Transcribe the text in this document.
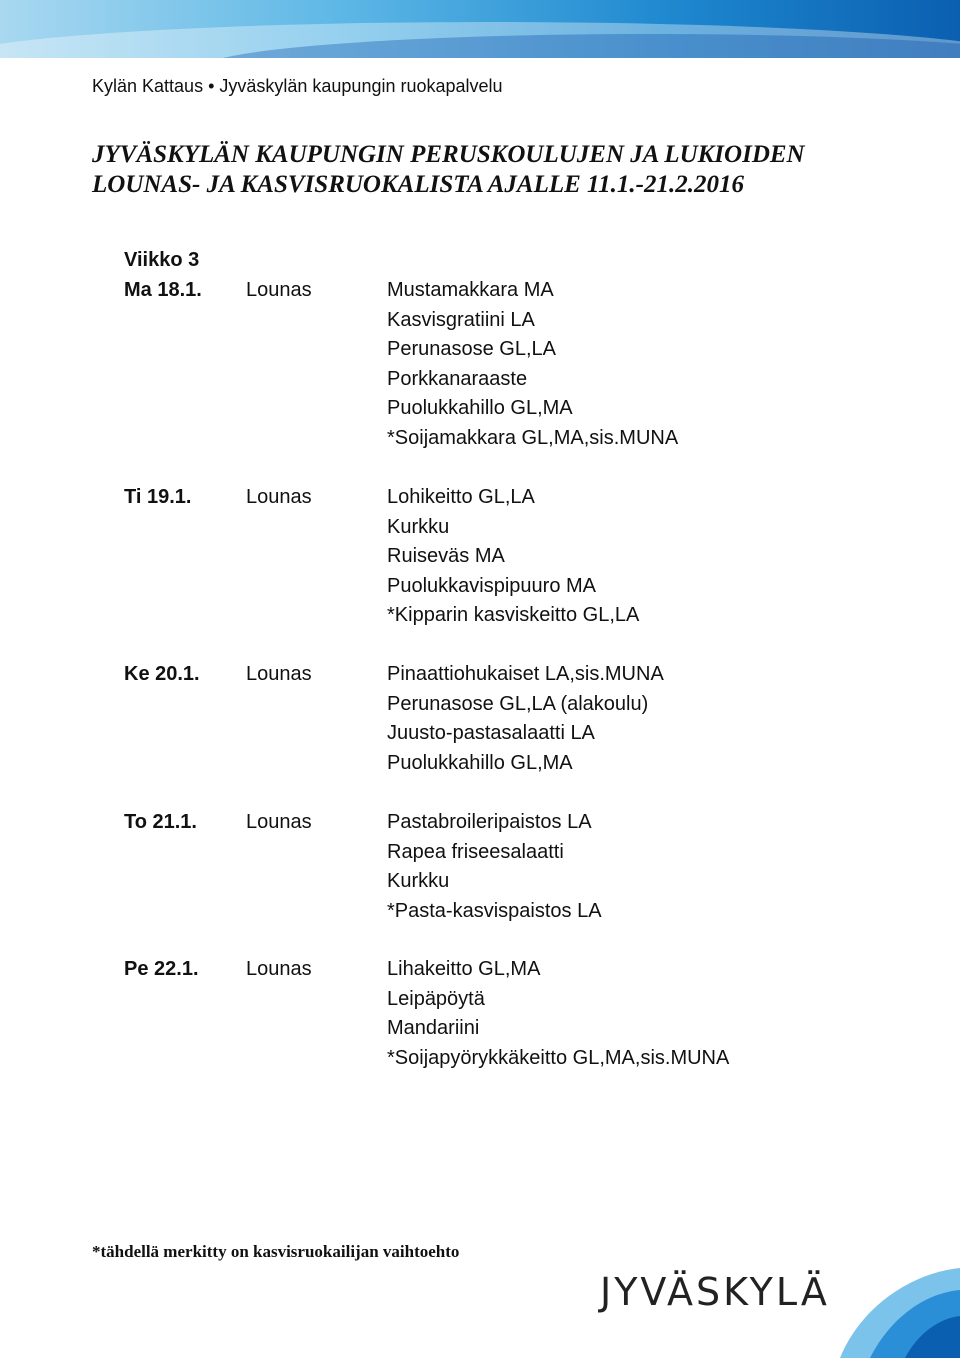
Kylän Kattaus • Jyväskylän kaupungin ruokapalvelu
JYVÄSKYLÄN KAUPUNGIN PERUSKOULUJEN JA LUKIOIDEN
LOUNAS- JA KASVISRUOKALISTA AJALLE 11.1.-21.2.2016
Viikko 3
Ma 18.1. Lounas	Mustamakkara MA
Kasvisgratiini LA
Perunasose GL,LA
Porkkanaraaste
Puolukkahillo GL,MA
*Soijamakkara GL,MA,sis.MUNA
Ti 19.1.	Lounas	Lohikeitto GL,LA
Kurkku
Ruiseväs MA
Puolukkavispipuuro MA
*Kipparin kasviskeitto GL,LA
Ke 20.1. Lounas	Pinaattiohukaiset LA,sis.MUNA
Perunasose GL,LA (alakoulu)
Juusto-pastasalaatti LA
Puolukkahillo GL,MA
To 21.1. Lounas	Pastabroileripaistos LA
Rapea friseesalaatti
Kurkku
*Pasta-kasvispaistos LA
Pe 22.1. Lounas	Lihakeitto GL,MA
Leipäpöytä
Mandariini
*Soijapyörykkäkeitto GL,MA,sis.MUNA
*tähdellä merkitty on kasvisruokailijan vaihtoehto
JYVÄSKYLÄ
